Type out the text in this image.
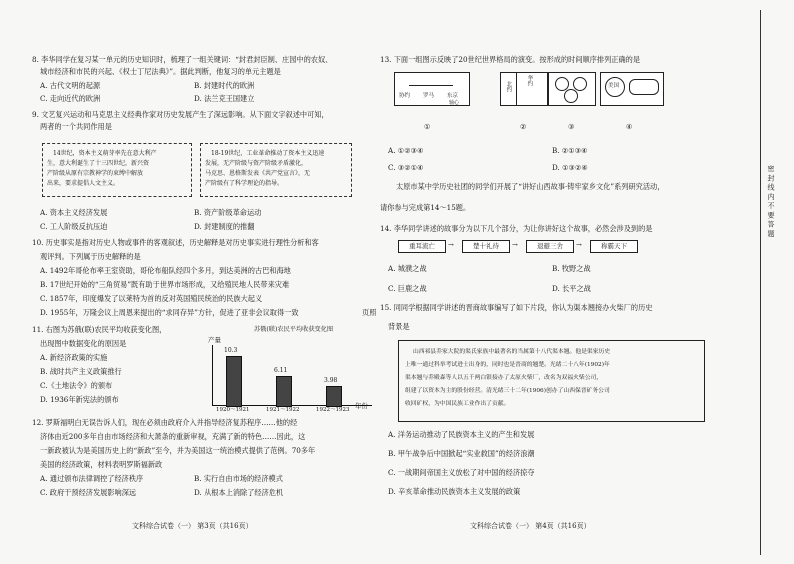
8. 李华同学在复习某一单元的历史知识时，梳理了一组关键词：“封君封臣制、庄园中的农奴、
城市经济和市民的兴起、《权士丁尼法典》”。据此判断，他复习的单元主题是
A. 古代文明的起源	B. 封建时代的欧洲
C. 走向近代的欧洲	D. 法兰克王国建立
9. 文艺复兴运动和马克思主义经典作家对历史发展产生了深远影响。从下面文字叙述中可知，
两者的一个共同作用是
14世纪，资本主义萌芽率先在意大利产
生，意大利诞生了十三四世纪，新兴资
产阶级从原有宗教神学的束缚中解放
出来，要求提倡人文主义。
18-19世纪，工业革命推动了资本主义迅速
发展，无产阶级与资产阶级矛盾激化，
马克思、恩格斯发表《共产党宣言》，无
产阶级有了科学理论的指导。
A. 资本主义经济发展	B. 资产阶级革命运动
C. 工人阶级反抗压迫	D. 封建制度的推翻
10. 历史事实是指对历史人物或事件的客观叙述，历史解释是对历史事实进行理性分析和客
观评判。下列属于历史解释的是
A. 1492年哥伦布率王室资助，哥伦布船队经四个多月，到达美洲的古巴和海地
B. 17世纪开始的“三角贸易”既有助于世界市场形成，又给殖民地人民带来灾难
C. 1857年，印度爆发了以莱特为首的反对英国殖民统治的民族大起义
D. 1955年，万隆会议上周恩来提出的“求同存异”方针，促进了亚非会议取得一致	页照
11. 右图为苏俄(联)农民平均收获变化图，
出现图中数据变化的原因是
A. 新经济政策的实施
B. 战时共产主义政策推行
C.《土地法令》的颁布
D. 1936年新宪法的颁布
苏俄(联)农民平均收获变化图
产量
10.3
1920～1921
6.11
1921～1922
3.98
1922～1923 年份
12. 罗斯福明白无误告诉人们，现在必须由政府介入并指导经济复苏程序……他的经
济体由近200多年自由市场经济和大萧条的重新审视，充满了新的特色……因此，这
一新政被认为是美国历史上的“新政”至今，并为美国这一统治模式提供了范例。70多年
美国的经济政策，材料表明罗斯福新政
A. 通过颁布法律调控了经济秩序	B. 实行自由市场的经济模式
C. 政府干预经济发展影响深远	D. 从根本上消除了经济危机
文科综合试卷（一） 第3页（共16页）
13. 下面一组图示反映了20世纪世界格局的演变。按形成的时间顺序排列正确的是
协约 罗马 东京
轴心
北约
华约	美国
①	②	③	④
A. ①②③④	B. ②①③④
C. ③②①④	D. ①③②④
太原市某中学历史社团的同学们开展了“讲好山西故事·铸牢家乡文化”系列研究活动，
请你参与完成第14～15题。
14. 李华同学讲述的故事分为以下几个部分，为让你讲好这个故事，必然会涉及到的是
重耳流亡	→	楚十礼待	→	退避三舍	→	称霸天下
A. 城濮之战	B. 牧野之战
C. 巨鹿之战	D. 长平之战
15. 同同学根据同学讲述的晋商故事编写了如下片段，你认为渠本翘接办火柴厂的历史
背景是
山西祁县乔家大院的渠氏家族中最著名的当属第十八代渠本翘。他是渠家历史
上唯一通过科举考试进士出身的，同时也是晋商的翘楚。光绪二十八年(1902)年
渠本翘与乔殿森等人以五千两白银接办了太原火柴厂，改名为双福火柴公司，
组建了以资本为主的股份经营。清光绪三十二年(1906)创办了山西保晋矿务公司
收回矿权，为中国民族工业作出了贡献。
A. 洋务运动推动了民族资本主义的产生和发展
B. 甲午战争后中国掀起“实业救国”的经济浪潮
C. 一战期间帝国主义放松了对中国的经济掠夺
D. 辛亥革命推动民族资本主义发展的政策
文科综合试卷（一） 第4页（共16页）
密 封 线 内 不 要 答 题
